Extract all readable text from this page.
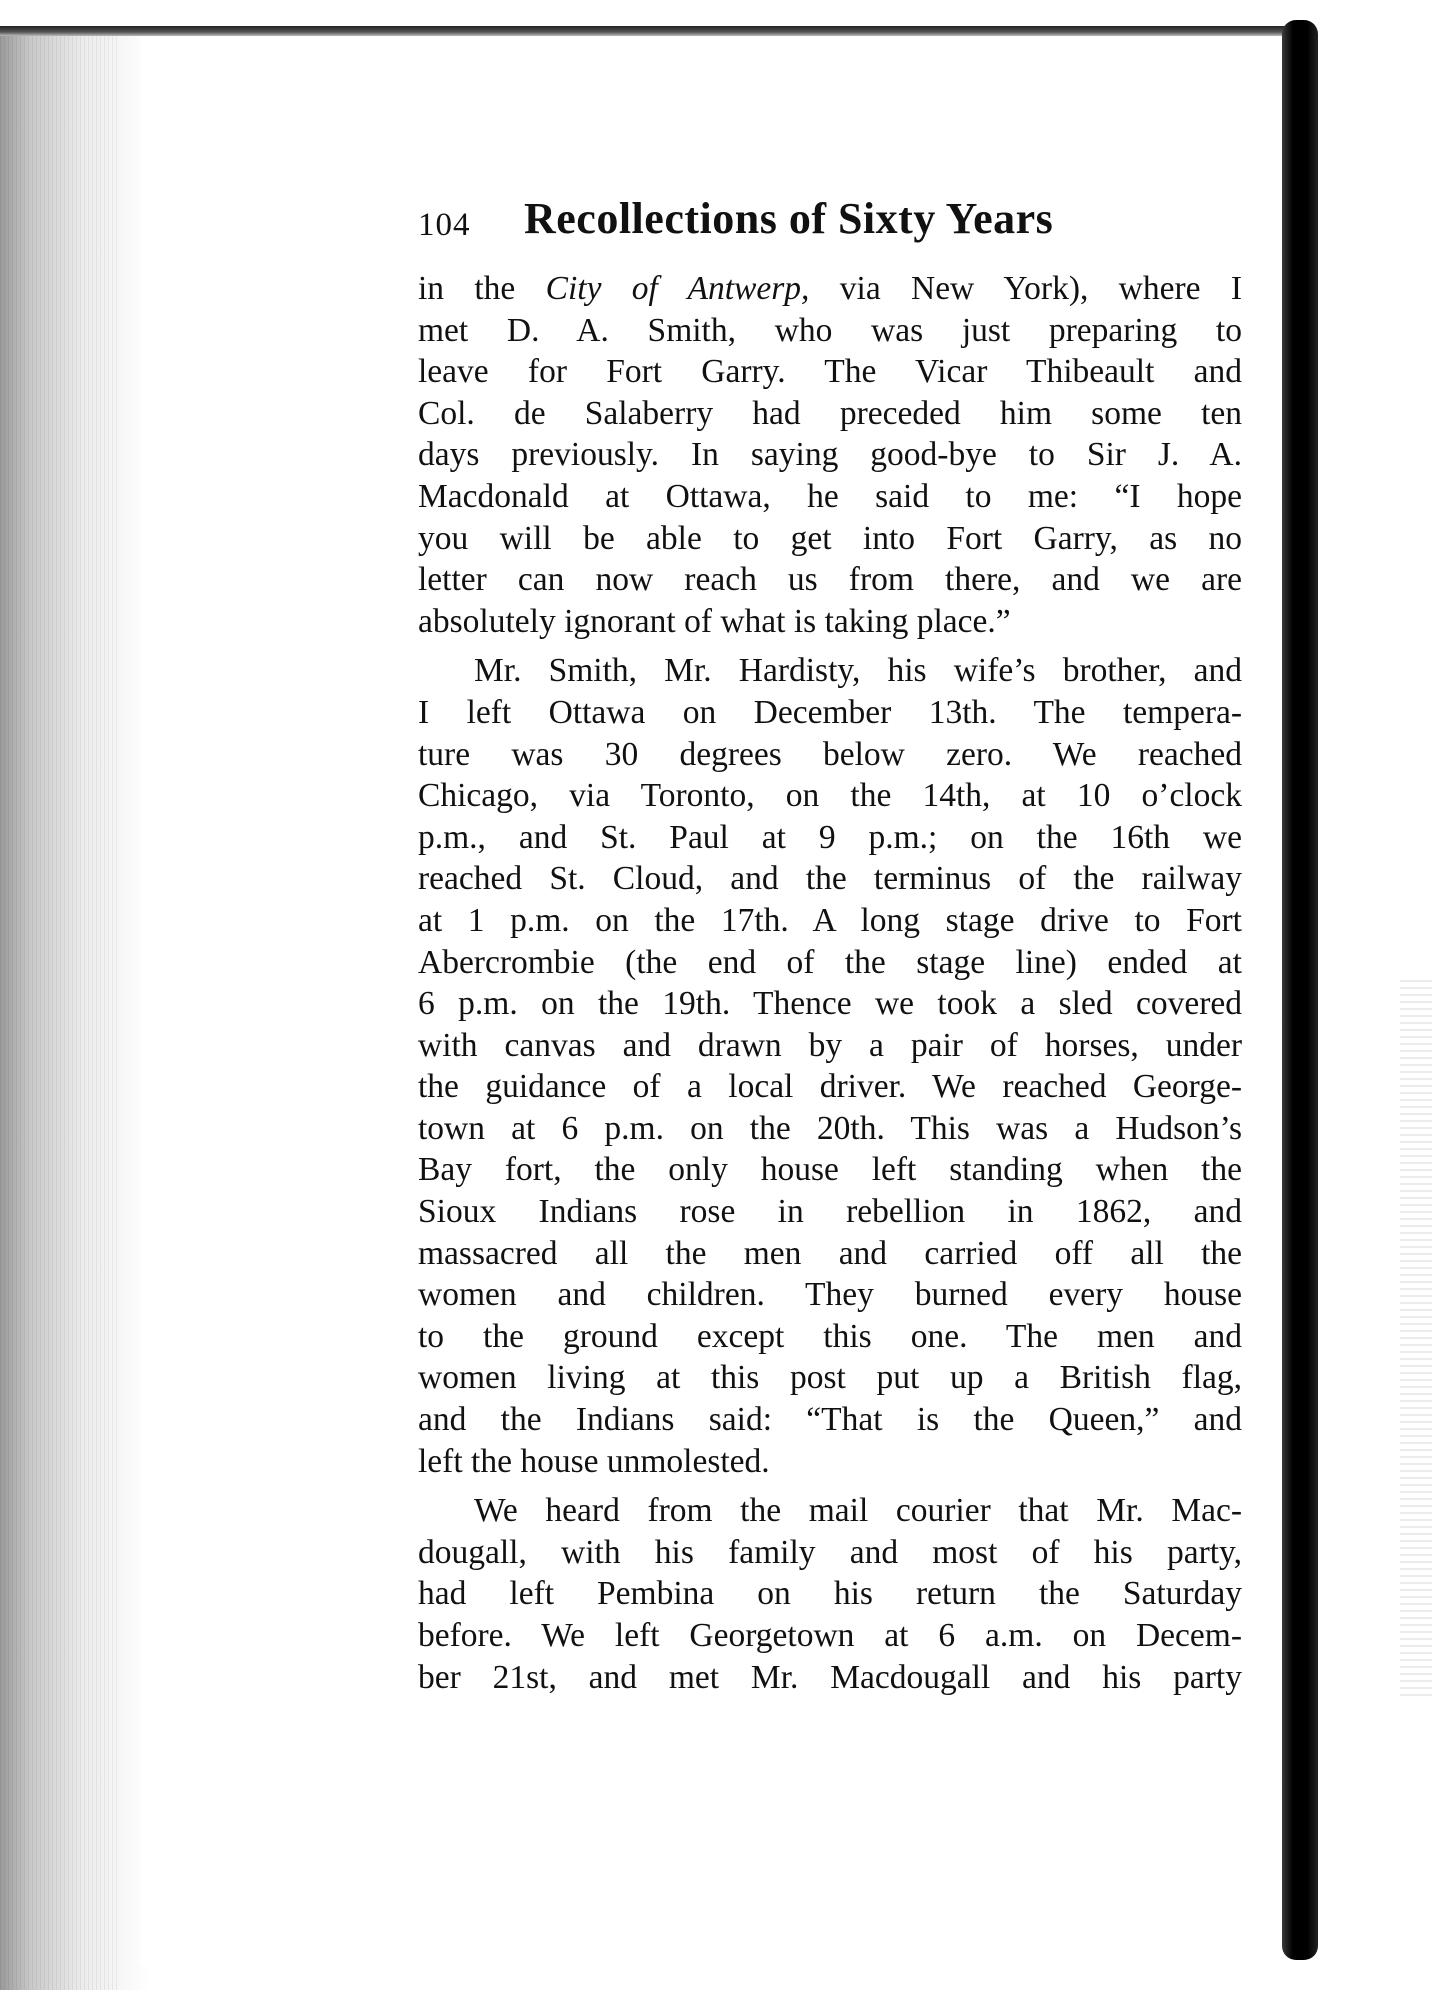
104 Recollections of Sixty Years
in the City of Antwerp, via New York), where I
met D. A. Smith, who was just preparing to
leave for Fort Garry. The Vicar Thibeault and
Col. de Salaberry had preceded him some ten
days previously. In saying good-bye to Sir J. A.
Macdonald at Ottawa, he said to me: “I hope
you will be able to get into Fort Garry, as no
letter can now reach us from there, and we are
absolutely ignorant of what is taking place.”
Mr. Smith, Mr. Hardisty, his wife’s brother, and
I left Ottawa on December 13th. The tempera-
ture was 30 degrees below zero. We reached
Chicago, via Toronto, on the 14th, at 10 o’clock
p.m., and St. Paul at 9 p.m.; on the 16th we
reached St. Cloud, and the terminus of the railway
at 1 p.m. on the 17th. A long stage drive to Fort
Abercrombie (the end of the stage line) ended at
6 p.m. on the 19th. Thence we took a sled covered
with canvas and drawn by a pair of horses, under
the guidance of a local driver. We reached George-
town at 6 p.m. on the 20th. This was a Hudson’s
Bay fort, the only house left standing when the
Sioux Indians rose in rebellion in 1862, and
massacred all the men and carried off all the
women and children. They burned every house
to the ground except this one. The men and
women living at this post put up a British flag,
and the Indians said: “That is the Queen,” and
left the house unmolested.
We heard from the mail courier that Mr. Mac-
dougall, with his family and most of his party,
had left Pembina on his return the Saturday
before. We left Georgetown at 6 a.m. on Decem-
ber 21st, and met Mr. Macdougall and his party
